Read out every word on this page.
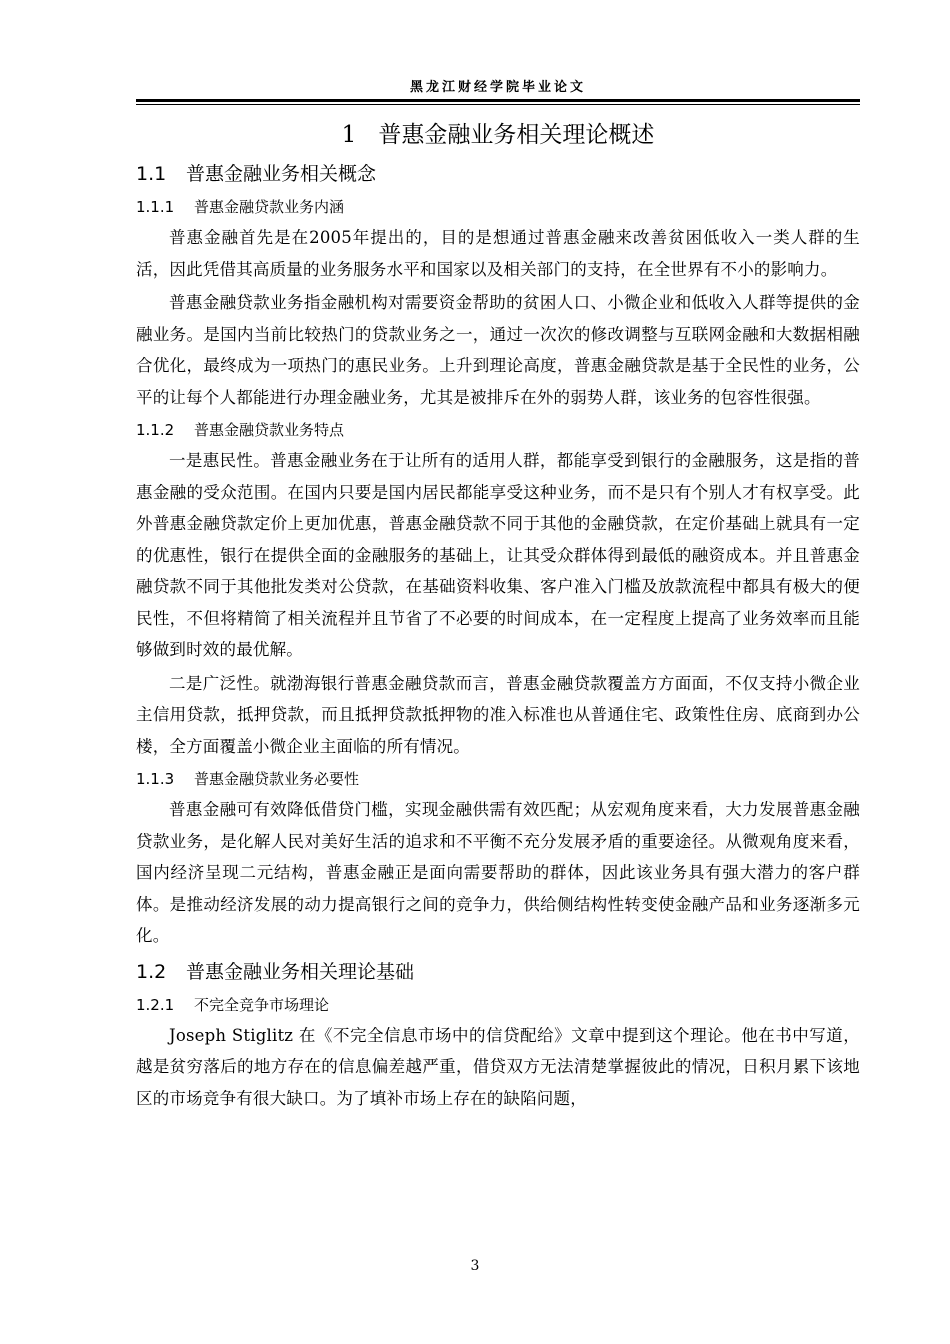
黑龙江财经学院毕业论文
1 普惠金融业务相关理论概述
1.1 普惠金融业务相关概念
1.1.1 普惠金融贷款业务内涵

普惠金融首先是在2005年提出的，目的是想通过普惠金融来改善贫困低收入一类人群的生活，因此凭借其高质量的业务服务水平和国家以及相关部门的支持，在全世界有不小的影响力。

普惠金融贷款业务指金融机构对需要资金帮助的贫困人口、小微企业和低收入人群等提供的金融业务。是国内当前比较热门的贷款业务之一，通过一次次的修改调整与互联网金融和大数据相融合优化，最终成为一项热门的惠民业务。上升到理论高度，普惠金融贷款是基于全民性的业务，公平的让每个人都能进行办理金融业务，尤其是被排斥在外的弱势人群，该业务的包容性很强。

1.1.2 普惠金融贷款业务特点

一是惠民性。普惠金融业务在于让所有的适用人群，都能享受到银行的金融服务，这是指的普惠金融的受众范围。在国内只要是国内居民都能享受这种业务，而不是只有个别人才有权享受。此外普惠金融贷款定价上更加优惠，普惠金融贷款不同于其他的金融贷款，在定价基础上就具有一定的优惠性，银行在提供全面的金融服务的基础上，让其受众群体得到最低的融资成本。并且普惠金融贷款不同于其他批发类对公贷款，在基础资料收集、客户准入门槛及放款流程中都具有极大的便民性，不但将精简了相关流程并且节省了不必要的时间成本，在一定程度上提高了业务效率而且能够做到时效的最优解。

二是广泛性。就渤海银行普惠金融贷款而言，普惠金融贷款覆盖方方面面，不仅支持小微企业主信用贷款，抵押贷款，而且抵押贷款抵押物的准入标准也从普通住宅、政策性住房、底商到办公楼，全方面覆盖小微企业主面临的所有情况。

1.1.3 普惠金融贷款业务必要性

普惠金融可有效降低借贷门槛，实现金融供需有效匹配；从宏观角度来看，大力发展普惠金融贷款业务，是化解人民对美好生活的追求和不平衡不充分发展矛盾的重要途径。从微观角度来看，国内经济呈现二元结构，普惠金融正是面向需要帮助的群体，因此该业务具有强大潜力的客户群体。是推动经济发展的动力提高银行之间的竞争力，供给侧结构性转变使金融产品和业务逐渐多元化。

1.2 普惠金融业务相关理论基础
1.2.1 不完全竞争市场理论

Joseph Stiglitz 在《不完全信息市场中的信贷配给》文章中提到这个理论。他在书中写道，越是贫穷落后的地方存在的信息偏差越严重，借贷双方无法清楚掌握彼此的情况，日积月累下该地区的市场竞争有很大缺口。为了填补市场上存在的缺陷问题，

3
